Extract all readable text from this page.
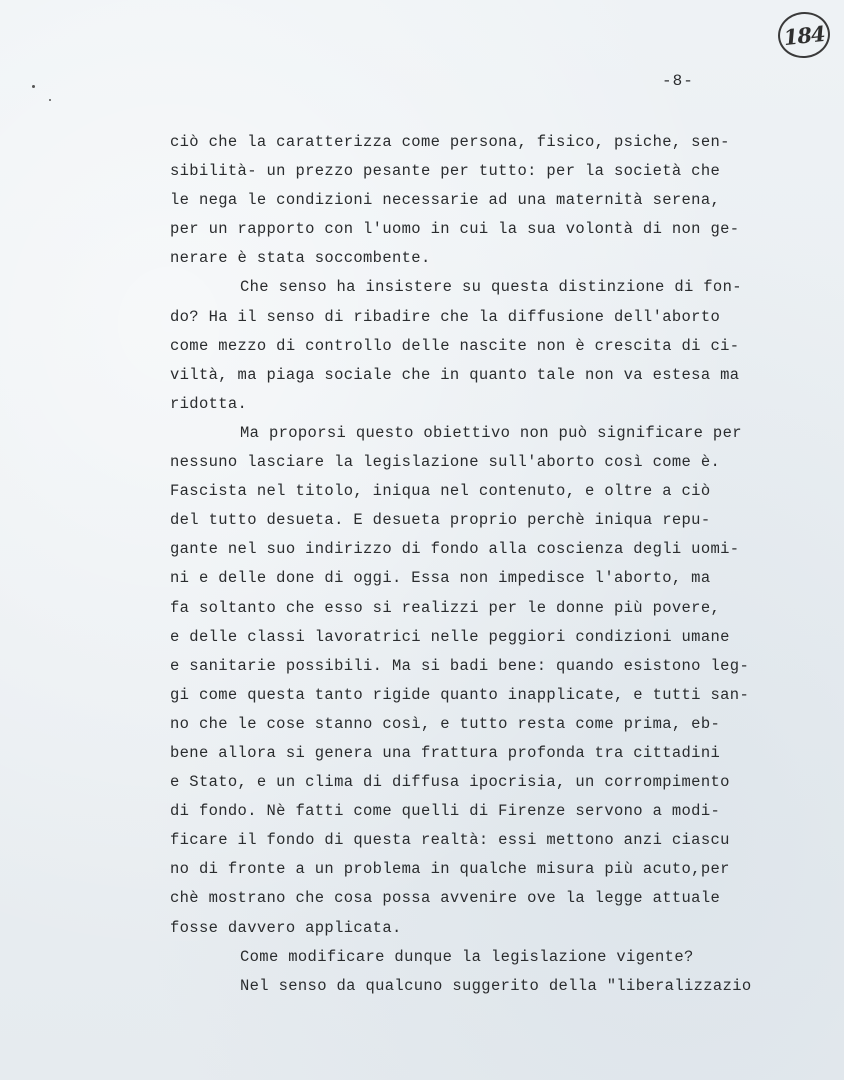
184
-8-
ciò che la caratterizza come persona, fisico, psiche, sen-
sibilità- un prezzo pesante per tutto: per la società che
le nega le condizioni necessarie ad una maternità serena,
per un rapporto con l'uomo in cui la sua volontà di non ge-
nerare è stata soccombente.
Che senso ha insistere su questa distinzione di fon-
do? Ha il senso di ribadire che la diffusione dell'aborto
come mezzo di controllo delle nascite non è crescita di ci-
viltà, ma piaga sociale che in quanto tale non va estesa ma
ridotta.
Ma proporsi questo obiettivo non può significare per
nessuno lasciare la legislazione sull'aborto così come è.
Fascista nel titolo, iniqua nel contenuto, e oltre a ciò
del tutto desueta. E desueta proprio perchè iniqua repu-
gante nel suo indirizzo di fondo alla coscienza degli uomi-
ni e delle done di oggi. Essa non impedisce l'aborto, ma
fa soltanto che esso si realizzi per le donne più povere,
e delle classi lavoratrici nelle peggiori condizioni umane
e sanitarie possibili. Ma si badi bene: quando esistono leg-
gi come questa tanto rigide quanto inapplicate, e tutti san-
no che le cose stanno così, e tutto resta come prima, eb-
bene allora si genera una frattura profonda tra cittadini
e Stato, e un clima di diffusa ipocrisia, un corrompimento
di fondo. Nè fatti come quelli di Firenze servono a modi-
ficare il fondo di questa realtà: essi mettono anzi ciascu
no di fronte a un problema in qualche misura più acuto,per
chè mostrano che cosa possa avvenire ove la legge attuale
fosse davvero applicata.
Come modificare dunque la legislazione vigente?
Nel senso da qualcuno suggerito della "liberalizzazio
